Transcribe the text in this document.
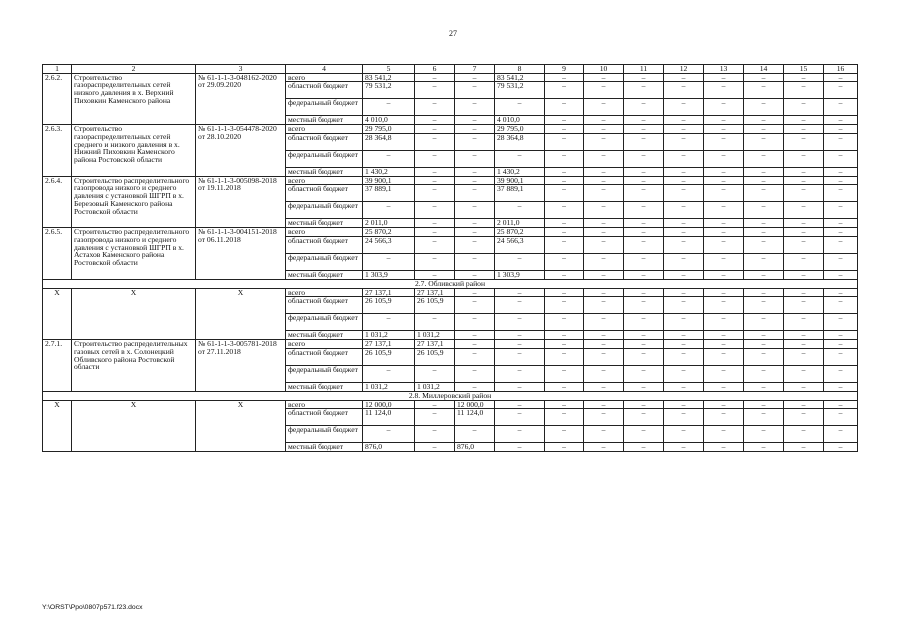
27
1	2	3	4	5	6	7	8	9	10	11	12	13	14	15	16
2.6.2.	Строительство газораспределительных сетей низкого давления в х. Верхний Пиховкин Каменского района	№ 61-1-1-3-048162-2020 от 29.09.2020	всего	83 541,2	–	–	83 541,2	–	–	–	–	–	–	–	–
			областной бюджет	79 531,2	–	–	79 531,2	–	–	–	–	–	–	–	–
			федеральный бюджет	–	–	–	–	–	–	–	–	–	–	–	–
			местный бюджет	4 010,0	–	–	4 010,0	–	–	–	–	–	–	–	–
2.6.3.	Строительство газораспределительных сетей среднего и низкого давления в х. Нижний Пиховкин Каменского района Ростовской области	№ 61-1-1-3-054478-2020 от 28.10.2020	всего	29 795,0	–	–	29 795,0	–	–	–	–	–	–	–	–
			областной бюджет	28 364,8	–	–	28 364,8	–	–	–	–	–	–	–	–
			федеральный бюджет	–	–	–	–	–	–	–	–	–	–	–	–
			местный бюджет	1 430,2	–	–	1 430,2	–	–	–	–	–	–	–	–
2.6.4.	Строительство распределительного газопровода низкого и среднего давления с установкой ШГРП в х. Березовый Каменского района Ростовской области	№ 61-1-1-3-005098-2018 от 19.11.2018	всего	39 900,1	–	–	39 900,1	–	–	–	–	–	–	–	–
			областной бюджет	37 889,1	–	–	37 889,1	–	–	–	–	–	–	–	–
			федеральный бюджет	–	–	–	–	–	–	–	–	–	–	–	–
			местный бюджет	2 011,0	–	–	2 011,0	–	–	–	–	–	–	–	–
2.6.5.	Строительство распределительного газопровода низкого и среднего давления с установкой ШГРП в х. Астахов Каменского района Ростовской области	№ 61-1-1-3-004151-2018 от 06.11.2018	всего	25 870,2	–	–	25 870,2	–	–	–	–	–	–	–	–
			областной бюджет	24 566,3	–	–	24 566,3	–	–	–	–	–	–	–	–
			федеральный бюджет	–	–	–	–	–	–	–	–	–	–	–	–
			местный бюджет	1 303,9	–	–	1 303,9	–	–	–	–	–	–	–	–
2.7. Обливский район															
Х	Х	Х	всего	27 137,1	27 137,1	–	–	–	–	–	–	–	–	–	–
			областной бюджет	26 105,9	26 105,9	–	–	–	–	–	–	–	–	–	–
			федеральный бюджет	–	–	–	–	–	–	–	–	–	–	–	–
			местный бюджет	1 031,2	1 031,2	–	–	–	–	–	–	–	–	–	–
2.7.1.	Строительство распределительных газовых сетей в х. Солонецкий Обливского района Ростовской области	№ 61-1-1-3-005781-2018 от 27.11.2018	всего	27 137,1	27 137,1	–	–	–	–	–	–	–	–	–	–
			областной бюджет	26 105,9	26 105,9	–	–	–	–	–	–	–	–	–	–
			федеральный бюджет	–	–	–	–	–	–	–	–	–	–	–	–
			местный бюджет	1 031,2	1 031,2	–	–	–	–	–	–	–	–	–	–
2.8. Миллеровский район															
Х	Х	Х	всего	12 000,0	–	12 000,0	–	–	–	–	–	–	–	–	–
			областной бюджет	11 124,0	–	11 124,0	–	–	–	–	–	–	–	–	–
			федеральный бюджет	–	–	–	–	–	–	–	–	–	–	–	–
			местный бюджет	876,0	–	876,0	–	–	–	–	–	–	–	–	–
Y:\ORST\Ppo\0807p571.f23.docx
